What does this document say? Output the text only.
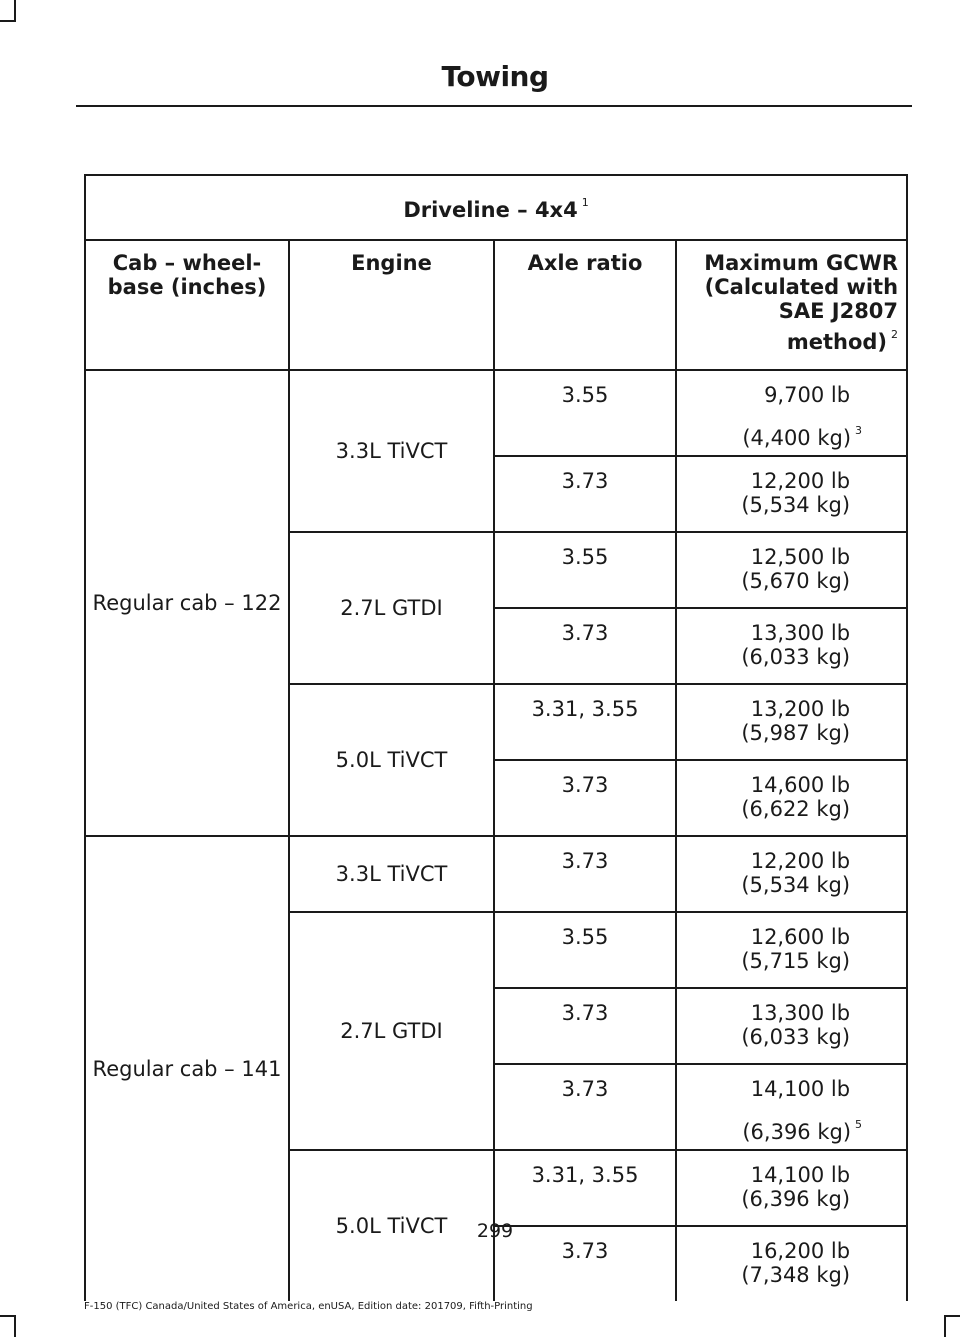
Towing
Driveline – 4x4 $^1$
Cab – wheel-base (inches)	Engine	Axle ratio	Maximum GCWR (Calculated with SAE J2807 method) $^2$
Regular cab – 122	3.3L TiVCT	3.55	9,700 lb
(4,400 kg) $^3$

		3.73	12,200 lb
(5,534 kg)

	2.7L GTDI	3.55	12,500 lb
(5,670 kg)

		3.73	13,300 lb
(6,033 kg)

	5.0L TiVCT	3.31, 3.55	13,200 lb
(5,987 kg)

		3.73	14,600 lb
(6,622 kg)

Regular cab – 141	3.3L TiVCT	3.73	12,200 lb
(5,534 kg)

	2.7L GTDI	3.55	12,600 lb
(5,715 kg)

		3.73	13,300 lb
(6,033 kg)

		3.73	14,100 lb
(6,396 kg) $^5$

	5.0L TiVCT	3.31, 3.55	14,100 lb
(6,396 kg)

		3.73	16,200 lb
(7,348 kg)
299
F-150 (TFC) Canada/United States of America, enUSA, Edition date: 201709, Fifth-Printing
